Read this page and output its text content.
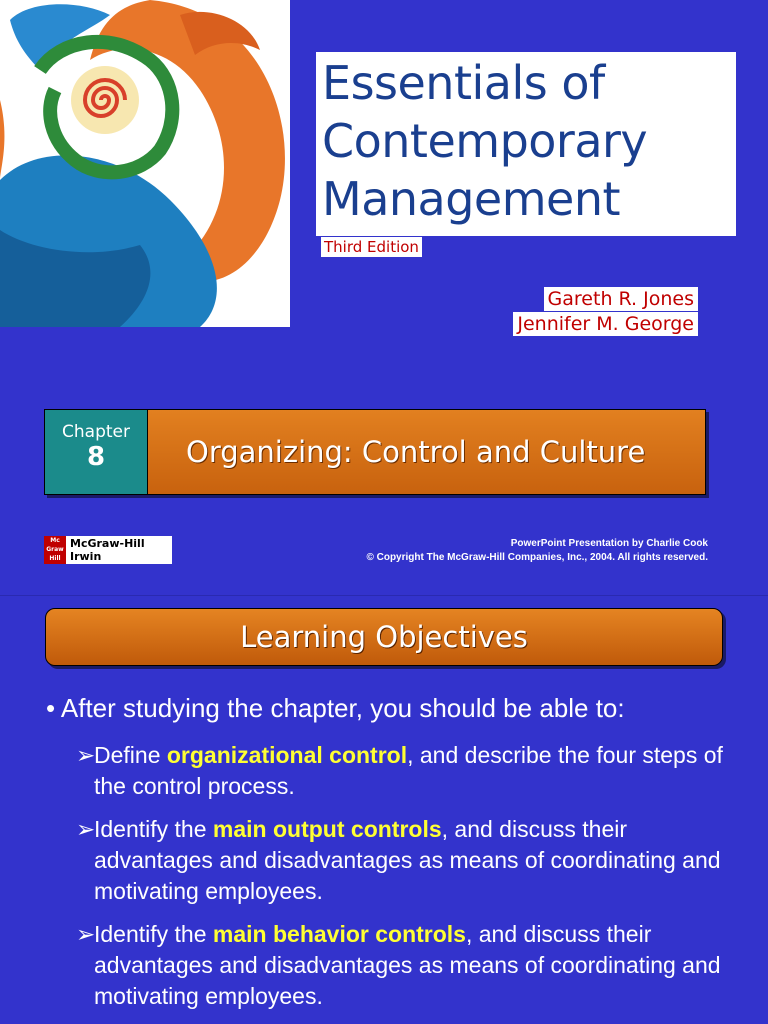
Essentials of
Contemporary
Management
Third Edition
Gareth R. Jones
Jennifer M. George
Chapter
8	Organizing: Control and Culture
Mc
Graw
Hill
McGraw-Hill
Irwin
PowerPoint Presentation by Charlie Cook
© Copyright The McGraw-Hill Companies, Inc., 2004. All rights reserved.
Learning Objectives
• After studying the chapter, you should be able to:
➢
Define organizational control, and describe the four steps of the control process.
➢
Identify the main output controls, and discuss their advantages and disadvantages as means of coordinating and motivating employees.
➢
Identify the main behavior controls, and discuss their advantages and disadvantages as means of coordinating and motivating employees.
